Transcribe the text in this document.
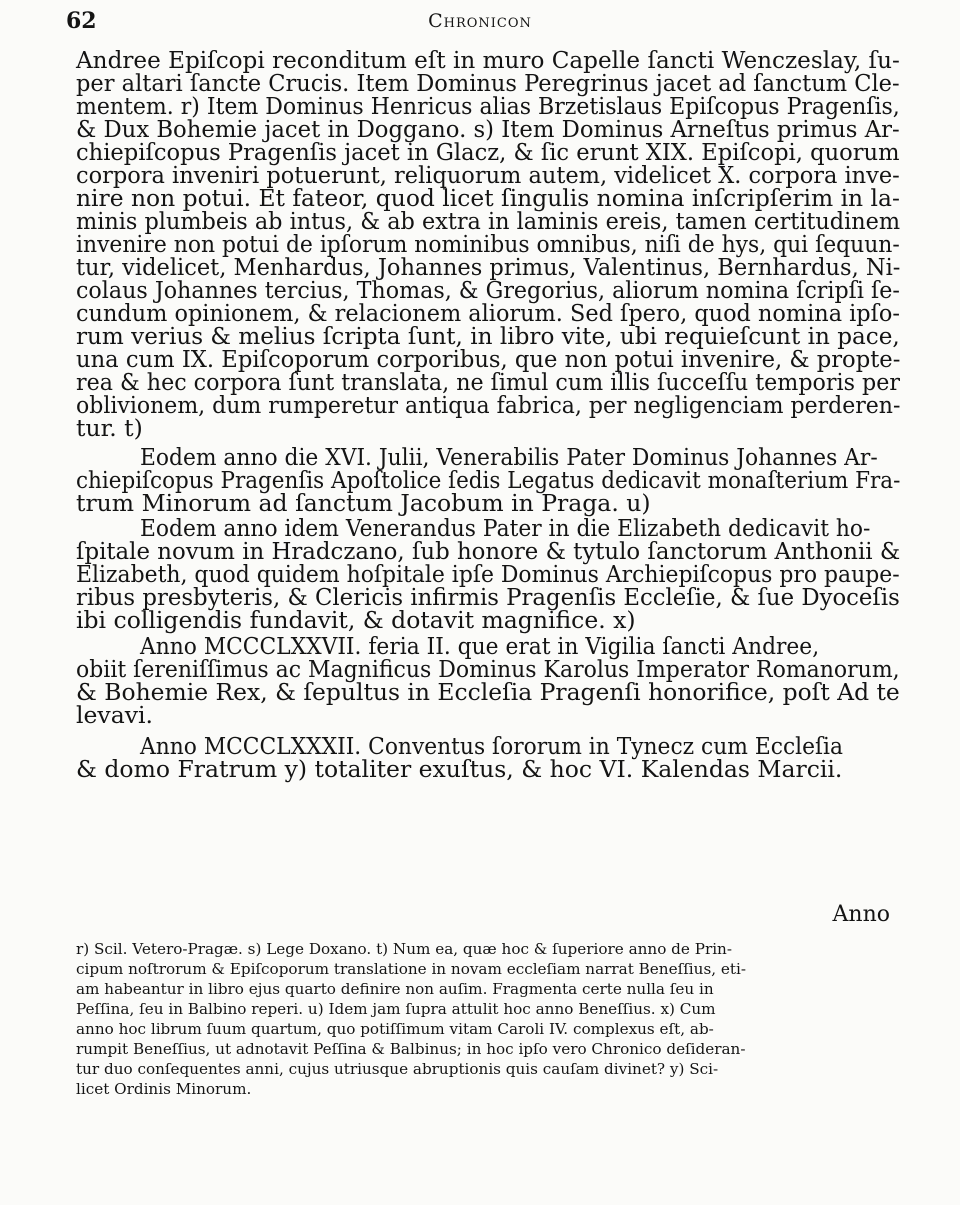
62	Chronicon
Andree Epiſcopi reconditum eſt in muro Capelle ſancti Wenczeslay, ſu-
per altari ſancte Crucis. Item Dominus Peregrinus jacet ad ſanctum Cle-
mentem. r) Item Dominus Henricus alias Brzetislaus Epiſcopus Pragenſis,
& Dux Bohemie jacet in Doggano. s) Item Dominus Arneſtus primus Ar-
chiepiſcopus Pragenſis jacet in Glacz, & ſic erunt XIX. Epiſcopi, quorum
corpora inveniri potuerunt, reliquorum autem, videlicet X. corpora inve-
nire non potui. Et fateor, quod licet ſingulis nomina inſcripſerim in la-
minis plumbeis ab intus, & ab extra in laminis ereis, tamen certitudinem
invenire non potui de ipſorum nominibus omnibus, niſi de hys, qui ſequun-
tur, videlicet, Menhardus, Johannes primus, Valentinus, Bernhardus, Ni-
colaus Johannes tercius, Thomas, & Gregorius, aliorum nomina ſcripſi ſe-
cundum opinionem, & relacionem aliorum. Sed ſpero, quod nomina ipſo-
rum verius & melius ſcripta ſunt, in libro vite, ubi requieſcunt in pace,
una cum IX. Epiſcoporum corporibus, que non potui invenire, & propte-
rea & hec corpora ſunt translata, ne ſimul cum illis ſucceſſu temporis per
oblivionem, dum rumperetur antiqua fabrica, per negligenciam perderen-
tur. t)
Eodem anno die XVI. Julii, Venerabilis Pater Dominus Johannes Ar-
chiepiſcopus Pragenſis Apoſtolice ſedis Legatus dedicavit monaſterium Fra-
trum Minorum ad ſanctum Jacobum in Praga. u)
Eodem anno idem Venerandus Pater in die Elizabeth dedicavit ho-
ſpitale novum in Hradczano, ſub honore & tytulo ſanctorum Anthonii &
Elizabeth, quod quidem hoſpitale ipſe Dominus Archiepiſcopus pro paupe-
ribus presbyteris, & Clericis infirmis Pragenſis Eccleſie, & ſue Dyoceſis
ibi colligendis fundavit, & dotavit magnifice. x)
Anno MCCCLXXVII. feria II. que erat in Vigilia ſancti Andree,
obiit ſereniſſimus ac Magnificus Dominus Karolus Imperator Romanorum,
& Bohemie Rex, & ſepultus in Eccleſia Pragenſi honorifice, poſt Ad te
levavi.
Anno MCCCLXXXII. Conventus ſororum in Tynecz cum Eccleſia
& domo Fratrum y) totaliter exuſtus, & hoc VI. Kalendas Marcii.
Anno
r) Scil. Vetero-Pragæ. s) Lege Doxano. t) Num ea, quæ hoc & ſuperiore anno de Prin-
cipum noſtrorum & Epiſcoporum translatione in novam eccleſiam narrat Beneſſius, eti-
am habeantur in libro ejus quarto definire non auſim. Fragmenta certe nulla ſeu in
Peſſina, ſeu in Balbino reperi. u) Idem jam ſupra attulit hoc anno Beneſſius. x) Cum
anno hoc librum ſuum quartum, quo potiſſimum vitam Caroli IV. complexus eſt, ab-
rumpit Beneſſius, ut adnotavit Peſſina & Balbinus; in hoc ipſo vero Chronico deſideran-
tur duo conſequentes anni, cujus utriusque abruptionis quis cauſam divinet? y) Sci-
licet Ordinis Minorum.
